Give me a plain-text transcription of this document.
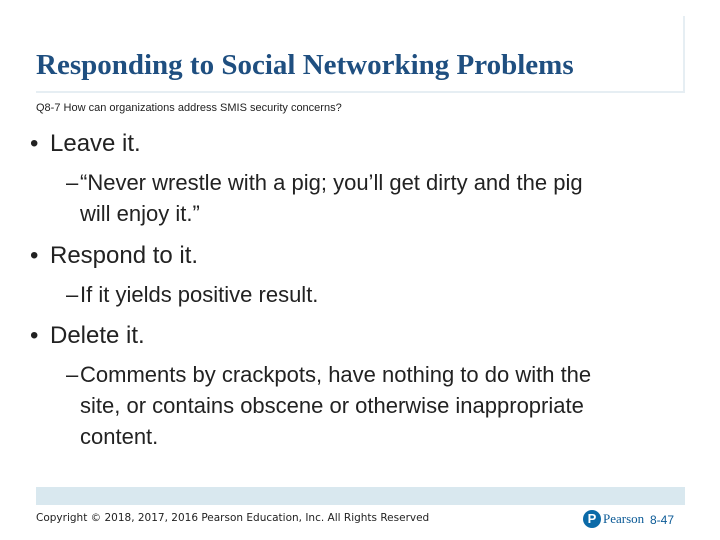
Responding to Social Networking Problems
Q8-7 How can organizations address SMIS security concerns?
• Leave it.
–“Never wrestle with a pig; you’ll get dirty and the pig
will enjoy it.”
• Respond to it.
–If it yields positive result.
• Delete it.
–Comments by crackpots, have nothing to do with the
site, or contains obscene or otherwise inappropriate
content.
Copyright © 2018, 2017, 2016 Pearson Education, Inc. All Rights Reserved	P Pearson 8-47
